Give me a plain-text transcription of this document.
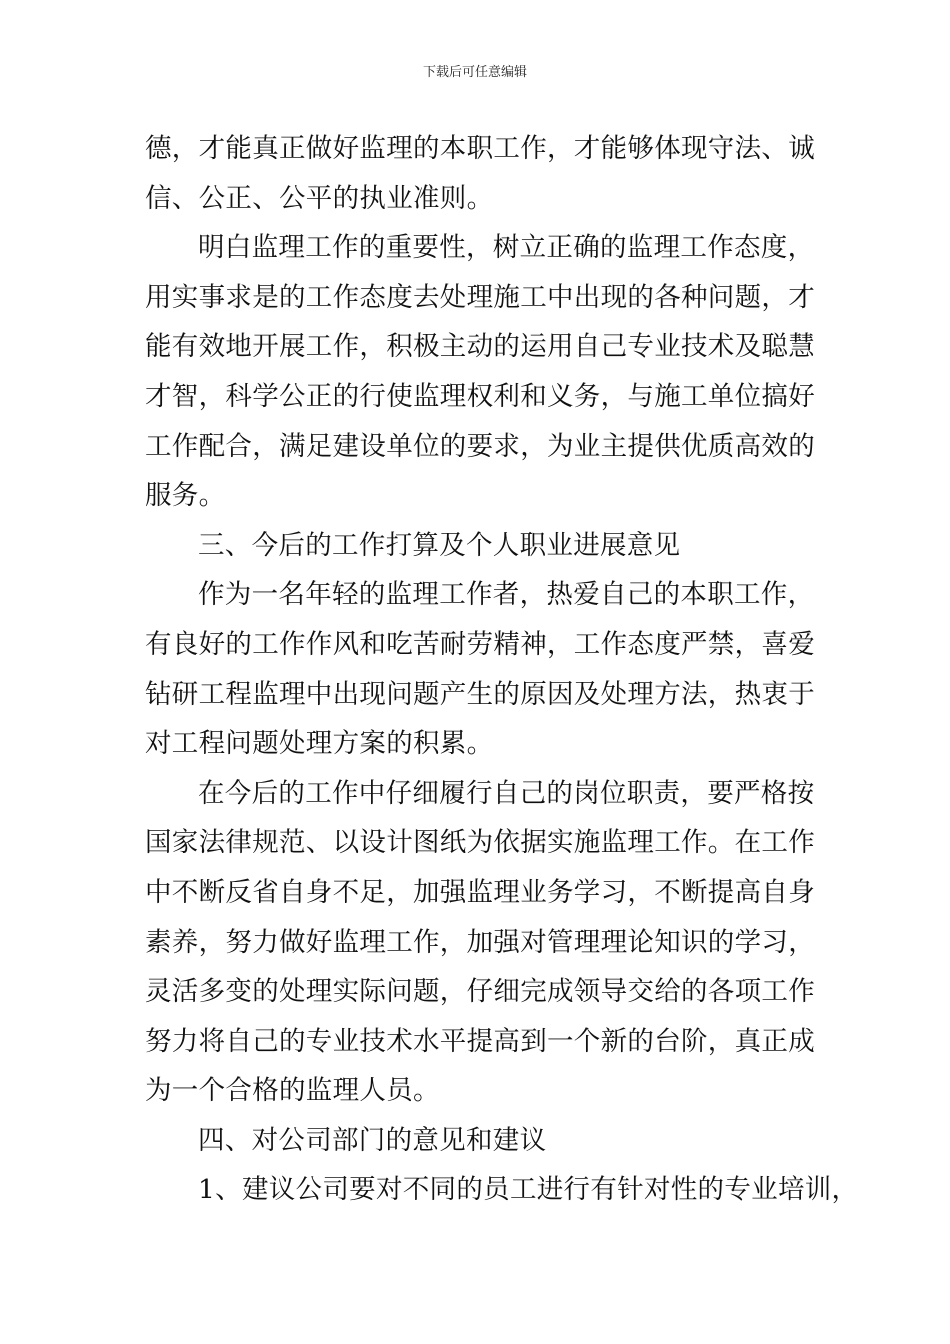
下载后可任意编辑
德，才能真正做好监理的本职工作，才能够体现守法、诚
信、公正、公平的执业准则。
明白监理工作的重要性，树立正确的监理工作态度，
用实事求是的工作态度去处理施工中出现的各种问题，才
能有效地开展工作，积极主动的运用自己专业技术及聪慧
才智，科学公正的行使监理权利和义务，与施工单位搞好
工作配合，满足建设单位的要求，为业主提供优质高效的
服务。
三、今后的工作打算及个人职业进展意见
作为一名年轻的监理工作者，热爱自己的本职工作，
有良好的工作作风和吃苦耐劳精神，工作态度严禁，喜爱
钻研工程监理中出现问题产生的原因及处理方法，热衷于
对工程问题处理方案的积累。
在今后的工作中仔细履行自己的岗位职责，要严格按
国家法律规范、以设计图纸为依据实施监理工作。在工作
中不断反省自身不足，加强监理业务学习，不断提高自身
素养，努力做好监理工作，加强对管理理论知识的学习，
灵活多变的处理实际问题，仔细完成领导交给的各项工作
努力将自己的专业技术水平提高到一个新的台阶，真正成
为一个合格的监理人员。
四、对公司部门的意见和建议
1、建议公司要对不同的员工进行有针对性的专业培训，
